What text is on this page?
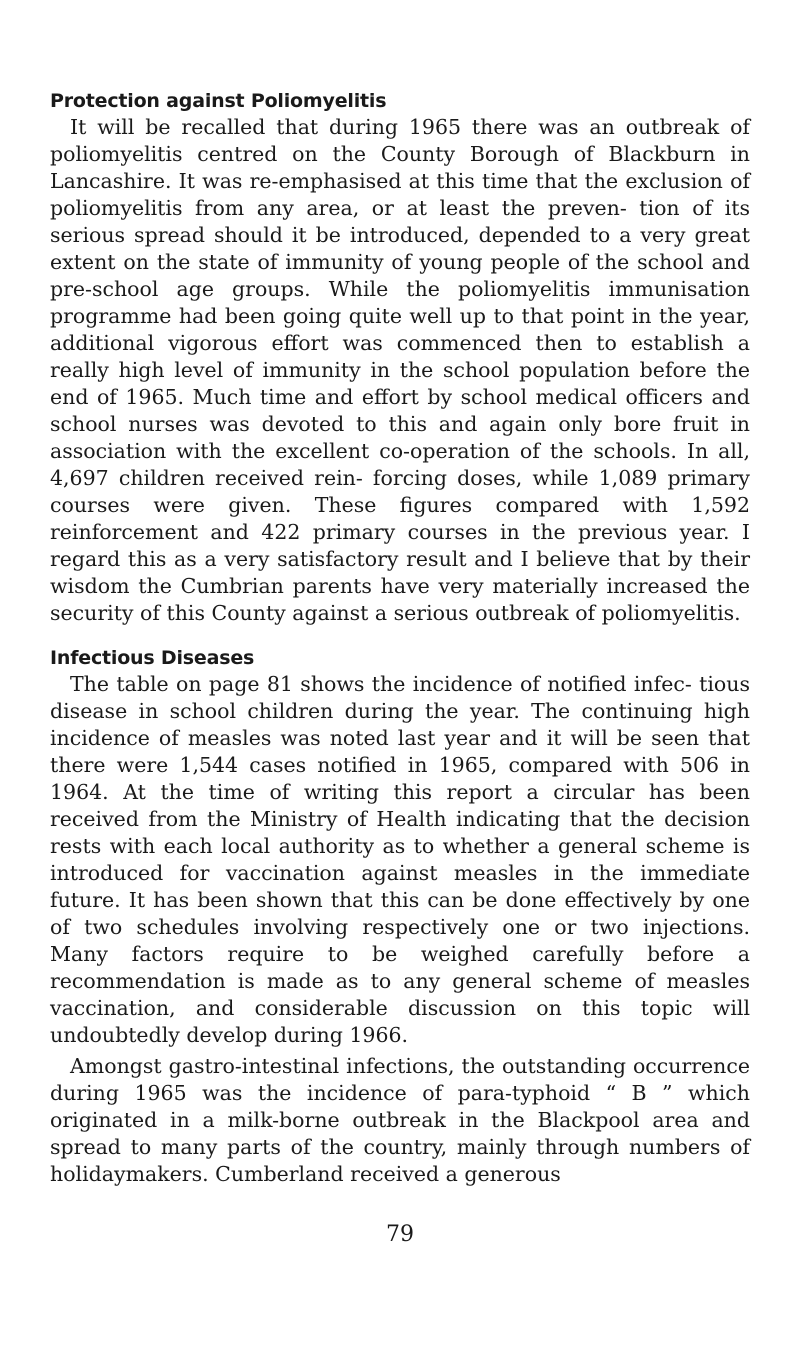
Protection against Poliomyelitis

It will be recalled that during 1965 there was an outbreak of poliomyelitis centred on the County Borough of Blackburn in Lancashire. It was re-emphasised at this time that the exclusion of poliomyelitis from any area, or at least the preven- tion of its serious spread should it be introduced, depended to a very great extent on the state of immunity of young people of the school and pre-school age groups. While the poliomyelitis immunisation programme had been going quite well up to that point in the year, additional vigorous effort was commenced then to establish a really high level of immunity in the school population before the end of 1965. Much time and effort by school medical officers and school nurses was devoted to this and again only bore fruit in association with the excellent co-operation of the schools. In all, 4,697 children received rein- forcing doses, while 1,089 primary courses were given. These figures compared with 1,592 reinforcement and 422 primary courses in the previous year. I regard this as a very satisfactory result and I believe that by their wisdom the Cumbrian parents have very materially increased the security of this County against a serious outbreak of poliomyelitis.

Infectious Diseases

The table on page 81 shows the incidence of notified infec- tious disease in school children during the year. The continuing high incidence of measles was noted last year and it will be seen that there were 1,544 cases notified in 1965, compared with 506 in 1964. At the time of writing this report a circular has been received from the Ministry of Health indicating that the decision rests with each local authority as to whether a general scheme is introduced for vaccination against measles in the immediate future. It has been shown that this can be done effectively by one of two schedules involving respectively one or two injections. Many factors require to be weighed carefully before a recommendation is made as to any general scheme of measles vaccination, and considerable discussion on this topic will undoubtedly develop during 1966.

Amongst gastro-intestinal infections, the outstanding occurrence during 1965 was the incidence of para-typhoid “ B ” which originated in a milk-borne outbreak in the Blackpool area and spread to many parts of the country, mainly through numbers of holidaymakers. Cumberland received a generous

79
